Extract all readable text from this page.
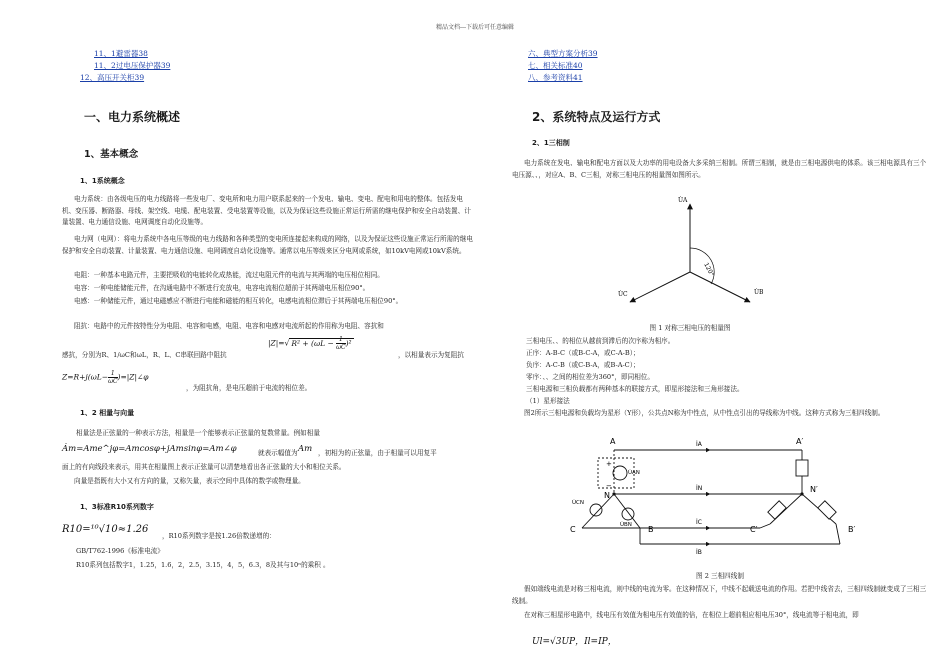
精品文档---下载后可任意编辑
11、1避雷器38
11、2过电压保护器39
12、高压开关柜39
六、典型方案分析39
七、相关标准40
八、参考资料41
一、电力系统概述
1、基本概念
1、1系统概念
电力系统：由各级电压的电力线路将一些发电厂、变电所和电力用户联系起来的一个发电、输电、变电、配电和用电的整体。包括发电机、变压器、断路器、母线、架空线、电缆、配电装置、受电装置等设施，以及为保证这些设施正常运行所需的继电保护和安全自动装置、计量装置、电力通信设施、电网调度自动化设施等。
电力网（电网）：将电力系统中各电压等级的电力线路和各种类型的变电所连接起来构成的网络，以及为保证这些设施正常运行所需的继电保护和安全自动装置、计量装置、电力通信设施、电网调度自动化设施等。通常以电压等级来区分电网或系统，如10kV电网或10kV系统。
电阻：一种基本电路元件，主要把吸收的电能转化成热能，流过电阻元件的电流与其两端的电压相位相同。
电容：一种电能储能元件，在沟通电路中不断进行充放电，电容电流相位超前于其两端电压相位90°。
电感：一种储能元件，通过电磁感应不断进行电能和磁能的相互转化，电感电流相位滞后于其两端电压相位90°。
阻抗：电路中的元件按特性分为电阻、电容和电感，电阻、电容和电感对电流所起的作用称为电阻、容抗和
|Z|=√ $R^2 + (\omega L - \frac{1}{\omega C} )^2$
感抗，分别为R、1/ωC和ωL，R、L、C串联回路中阻抗	，以相量表示为复阻抗
$Z=R+j(\omega L- \frac{1}{\omega C}$ )=|Z|∠φ
，为阻抗角，是电压超前于电流的相位差。
1、2 相量与向量
相量法是正弦量的一种表示方法，相量是一个能够表示正弦量的复数常量。例如相量
Ȧm=Ame^jφ=Amcosφ+jAmsinφ=Am∠φ	就表示幅值为 Am ，初相为的正弦量，由于相量可以用复平
面上的有向线段来表示，用其在相量图上表示正弦量可以清楚地看出各正弦量的大小和相位关系。
向量是指既有大小又有方向的量，又称矢量，表示空间中具体的数学或物理量。
1、3标准R10系列数字
R10=¹⁰√10≈1.26
，R10系列数字是按1.26倍数递增的：
GB/T762-1996《标准电流》
R10系列包括数字1，1.25，1.6，2，2.5，3.15，4，5，6.3，8及其与10ⁿ的乘积 。
2、系统特点及运行方式
2、1三相制
电力系统在发电、输电和配电方面以及大功率的用电设备大多采纳三相制。所谓三相制，就是由三相电源供电的体系。该三相电源具有三个电压源、、，对应A、B、C三相，对称三相电压的相量图如图所示。
120°
U̇A
U̇C	U̇B
图 1 对称三相电压的相量图
三相电压、、的相位从越前到滞后的次序称为相序。
正序：A-B-C（或B-C-A，或C-A-B）；
负序：A-C-B（或C-B-A，或B-A-C）；
零序：、、之间的相位差为360°，即同相位。
三相电源和三相负载都有两种基本的联接方式，即星形接法和三角形接法。
（1）星形接法
图2所示三相电源和负载均为星形（Y形），公共点N称为中性点，从中性点引出的导线称为中线。这种方式称为三相四线制。
A	A′
N
N′
C	B	C′	B′
İA
İN
İC
İB
U̇AN
U̇CN
U̇BN
+
−
图 2 三相四线制
假如端线电流是对称三相电流，则中线的电流为零。在这种情况下，中线不起载送电流的作用。若把中线省去，三相四线制就变成了三相三线制。
在对称三相星形电路中，线电压有效值为相电压有效值的倍，在相位上超前相应相电压30°，线电流等于相电流，即
Ul=√3UP，Il=IP，
